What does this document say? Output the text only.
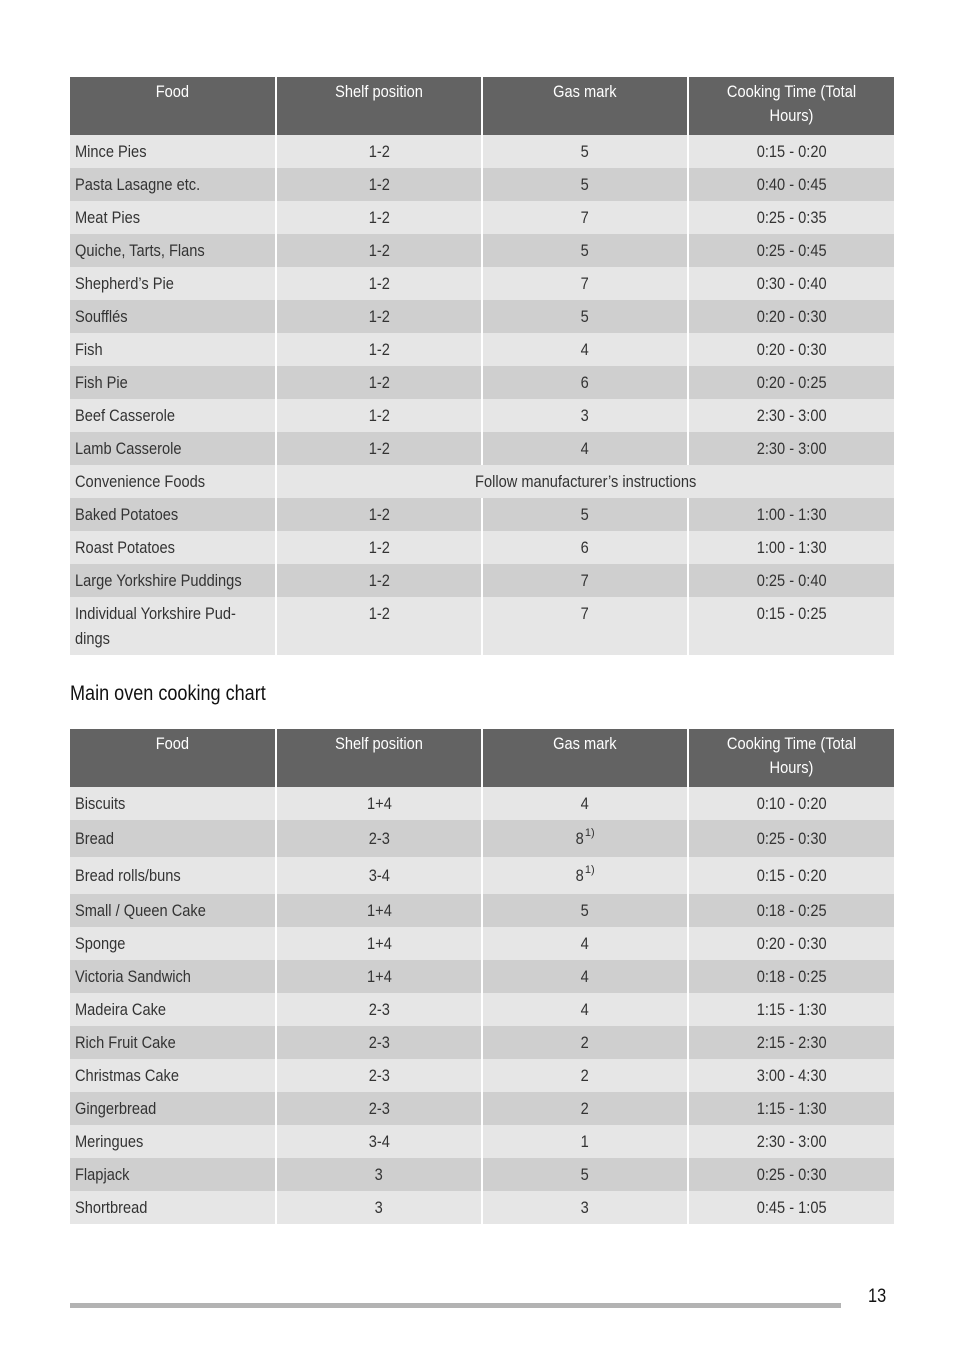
Food	Shelf position	Gas mark	Cooking Time (Total Hours)
Mince Pies	1-2	5	0:15 - 0:20
Pasta Lasagne etc.	1-2	5	0:40 - 0:45
Meat Pies	1-2	7	0:25 - 0:35
Quiche, Tarts, Flans	1-2	5	0:25 - 0:45
Shepherd’s Pie	1-2	7	0:30 - 0:40
Soufflés	1-2	5	0:20 - 0:30
Fish	1-2	4	0:20 - 0:30
Fish Pie	1-2	6	0:20 - 0:25
Beef Casserole	1-2	3	2:30 - 3:00
Lamb Casserole	1-2	4	2:30 - 3:00
Convenience Foods	Follow manufacturer’s instructions		
Baked Potatoes	1-2	5	1:00 - 1:30
Roast Potatoes	1-2	6	1:00 - 1:30
Large Yorkshire Puddings	1-2	7	0:25 - 0:40
Individual Yorkshire Pud-dings	1-2	7	0:15 - 0:25
Main oven cooking chart
Food	Shelf position	Gas mark	Cooking Time (Total Hours)
Biscuits	1+4	4	0:10 - 0:20
Bread	2-3	8$^{1)}$	0:25 - 0:30
Bread rolls/buns	3-4	8$^{1)}$	0:15 - 0:20
Small / Queen Cake	1+4	5	0:18 - 0:25
Sponge	1+4	4	0:20 - 0:30
Victoria Sandwich	1+4	4	0:18 - 0:25
Madeira Cake	2-3	4	1:15 - 1:30
Rich Fruit Cake	2-3	2	2:15 - 2:30
Christmas Cake	2-3	2	3:00 - 4:30
Gingerbread	2-3	2	1:15 - 1:30
Meringues	3-4	1	2:30 - 3:00
Flapjack	3	5	0:25 - 0:30
Shortbread	3	3	0:45 - 1:05
13
